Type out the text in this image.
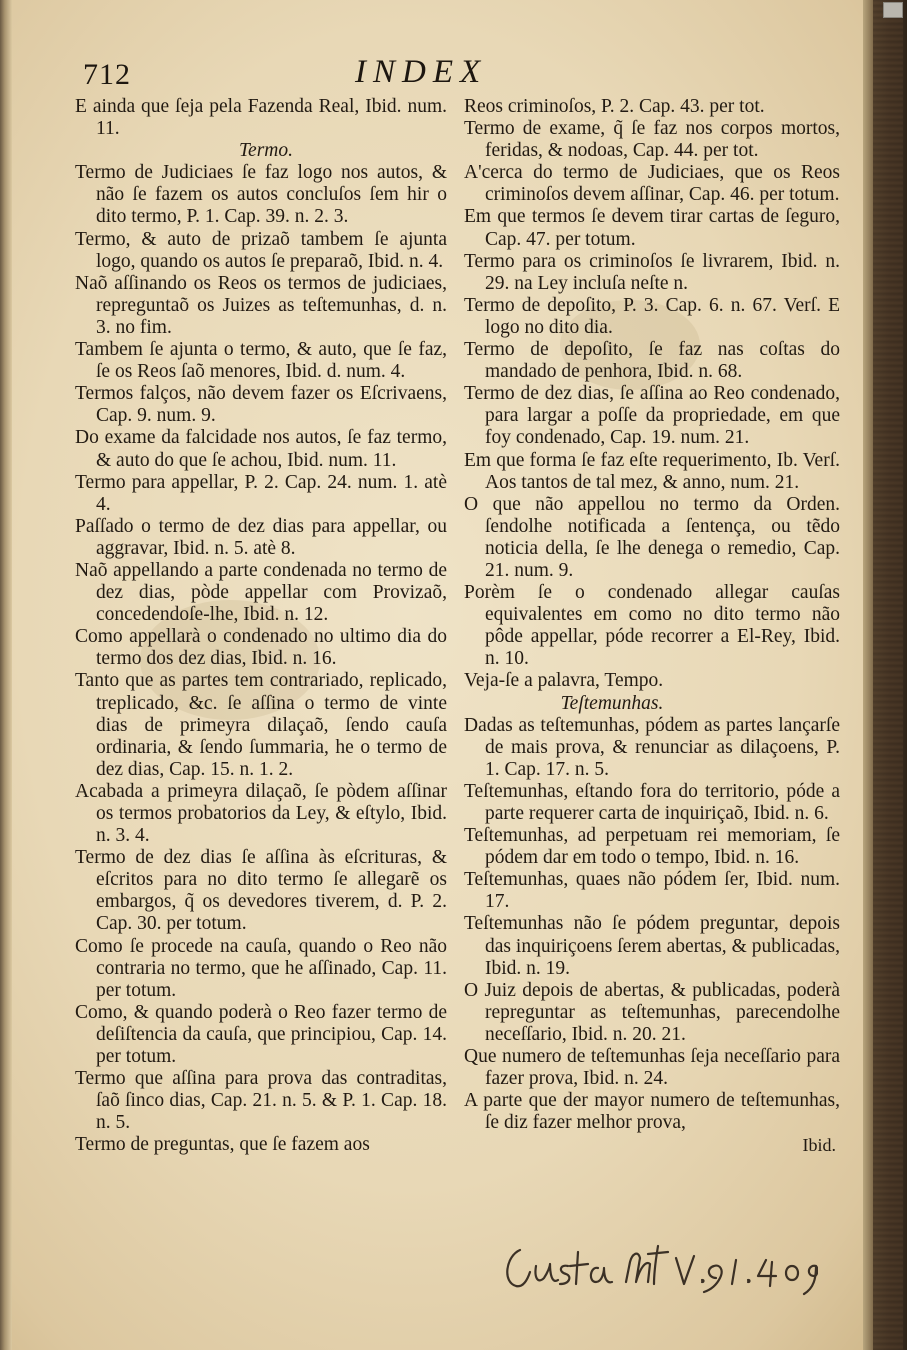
712	INDEX

E ainda que ſeja pela Fazenda Real, Ibid. num. 11.

Termo.

Termo de Judiciaes ſe faz logo nos autos, & não ſe fazem os autos concluſos ſem hir o dito termo, P. 1. Cap. 39. n. 2. 3.

Termo, & auto de prizaõ tambem ſe ajunta logo, quando os autos ſe preparaõ, Ibid. n. 4.

Naõ aſſinando os Reos os termos de judiciaes, repreguntaõ os Juizes as teſtemunhas, d. n. 3. no fim.

Tambem ſe ajunta o termo, & auto, que ſe faz, ſe os Reos ſaõ menores, Ibid. d. num. 4.

Termos falços, não devem fazer os Eſcrivaens, Cap. 9. num. 9.

Do exame da falcidade nos autos, ſe faz termo, & auto do que ſe achou, Ibid. num. 11.

Termo para appellar, P. 2. Cap. 24. num. 1. atè 4.

Paſſado o termo de dez dias para appellar, ou aggravar, Ibid. n. 5. atè 8.

Naõ appellando a parte condenada no termo de dez dias, pòde appellar com Provizaõ, concedendoſe-lhe, Ibid. n. 12.

Como appellarà o condenado no ultimo dia do termo dos dez dias, Ibid. n. 16.

Tanto que as partes tem contrariado, replicado, treplicado, &c. ſe aſſina o termo de vinte dias de primeyra dilaçaõ, ſendo cauſa ordinaria, & ſendo ſummaria, he o termo de dez dias, Cap. 15. n. 1. 2.

Acabada a primeyra dilaçaõ, ſe pòdem aſſinar os termos probatorios da Ley, & eſtylo, Ibid. n. 3. 4.

Termo de dez dias ſe aſſina às eſcrituras, & eſcritos para no dito termo ſe allegarẽ os embargos, q̃ os devedores tiverem, d. P. 2. Cap. 30. per totum.

Como ſe procede na cauſa, quando o Reo não contraria no termo, que he aſſinado, Cap. 11. per totum.

Como, & quando poderà o Reo fazer termo de deſiſtencia da cauſa, que principiou, Cap. 14. per totum.

Termo que aſſina para prova das contraditas, ſaõ ſinco dias, Cap. 21. n. 5. & P. 1. Cap. 18. n. 5.

Termo de preguntas, que ſe fazem aos

Reos criminoſos, P. 2. Cap. 43. per tot.

Termo de exame, q̃ ſe faz nos corpos mortos, feridas, & nodoas, Cap. 44. per tot.

A'cerca do termo de Judiciaes, que os Reos criminoſos devem aſſinar, Cap. 46. per totum.

Em que termos ſe devem tirar cartas de ſeguro, Cap. 47. per totum.

Termo para os criminoſos ſe livrarem, Ibid. n. 29. na Ley incluſa neſte n.

Termo de depoſito, P. 3. Cap. 6. n. 67. Verſ. E logo no dito dia.

Termo de depoſito, ſe faz nas coſtas do mandado de penhora, Ibid. n. 68.

Termo de dez dias, ſe aſſina ao Reo condenado, para largar a poſſe da propriedade, em que foy condenado, Cap. 19. num. 21.

Em que forma ſe faz eſte requerimento, Ib. Verſ. Aos tantos de tal mez, & anno, num. 21.

O que não appellou no termo da Orden. ſendolhe notificada a ſentença, ou tẽdo noticia della, ſe lhe denega o remedio, Cap. 21. num. 9.

Porèm ſe o condenado allegar cauſas equivalentes em como no dito termo não pôde appellar, póde recorrer a El-Rey, Ibid. n. 10.

Veja-ſe a palavra, Tempo.

Teſtemunhas.

Dadas as teſtemunhas, pódem as partes lançarſe de mais prova, & renunciar as dilaçoens, P. 1. Cap. 17. n. 5.

Teſtemunhas, eſtando fora do territorio, póde a parte requerer carta de inquiriçaõ, Ibid. n. 6.

Teſtemunhas, ad perpetuam rei memoriam, ſe pódem dar em todo o tempo, Ibid. n. 16.

Teſtemunhas, quaes não pódem ſer, Ibid. num. 17.

Teſtemunhas não ſe pódem preguntar, depois das inquiriçoens ſerem abertas, & publicadas, Ibid. n. 19.

O Juiz depois de abertas, & publicadas, poderà repreguntar as teſtemunhas, parecendolhe neceſſario, Ibid. n. 20. 21.

Que numero de teſtemunhas ſeja neceſſario para fazer prova, Ibid. n. 24.

A parte que der mayor numero de teſtemunhas, ſe diz fazer melhor prova,

Ibid.
